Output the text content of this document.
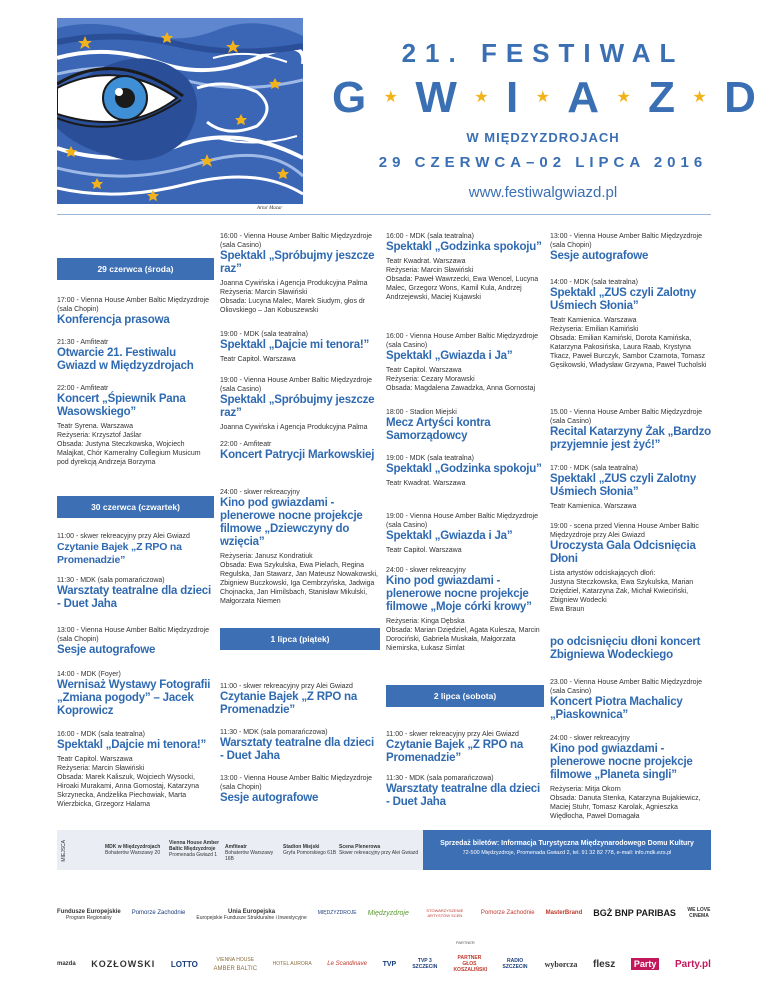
Artur Mazur
21. FESTIWAL
G ★ W ★ I ★ A ★ Z ★ D
W MIĘDZYZDROJACH
29 CZERWCA–02 LIPCA 2016
www.festiwalgwiazd.pl
29 czerwca (środa)
17:00 - Vienna House Amber Baltic Międzyzdroje (sala Chopin)
Konferencja prasowa
21:30 - Amfiteatr
Otwarcie 21. Festiwalu Gwiazd w Międzyzdrojach
22:00 - Amfiteatr
Koncert „Śpiewnik Pana Wasowskiego”
Teatr Syrena. Warszawa
Reżyseria: Krzysztof Jaślar
Obsada: Justyna Steczkowska, Wojciech Malajkat, Chór Kameralny Collegium Musicum pod dyrekcją Andrzeja Borzyma
30 czerwca (czwartek)
11:00 - skwer rekreacyjny przy Alei Gwiazd
Czytanie Bajek „Z RPO na Promenadzie”
11:30 - MDK (sala pomarańczowa)
Warsztaty teatralne dla dzieci - Duet Jaha
13:00 - Vienna House Amber Baltic Międzyzdroje (sala Chopin)
Sesje autografowe
14:00 - MDK (Foyer)
Wernisaż Wystawy Fotografii „Zmiana pogody” – Jacek Koprowicz
16:00 - MDK (sala teatralna)
Spektakl „Dajcie mi tenora!”
Teatr Capitol. Warszawa
Reżyseria: Marcin Sławiński
Obsada: Marek Kaliszuk, Wojciech Wysocki, Hiroaki Murakami, Anna Gornostaj, Katarzyna Skrzynecka, Andżelika Piechowiak, Marta Wierzbicka, Grzegorz Halama
16:00 - Vienna House Amber Baltic Międzyzdroje (sala Casino)
Spektakl „Spróbujmy jeszcze raz”
Joanna Cywińska i Agencja Produkcyjna Palma
Reżyseria: Marcin Sławiński
Obsada: Lucyna Malec, Marek Siudym, głos dr Oliovskiego – Jan Kobuszewski
19:00 - MDK (sala teatralna)
Spektakl „Dajcie mi tenora!”
Teatr Capitol. Warszawa
19:00 - Vienna House Amber Baltic Międzyzdroje (sala Casino)
Spektakl „Spróbujmy jeszcze raz”
Joanna Cywińska i Agencja Produkcyjna Palma
22:00 - Amfiteatr
Koncert Patrycji Markowskiej
24:00 - skwer rekreacyjny
Kino pod gwiazdami - plenerowe nocne projekcje filmowe „Dziewczyny do wzięcia”
Reżyseria: Janusz Kondratiuk
Obsada: Ewa Szykulska, Ewa Pielach, Regina Regulska, Jan Stawarz, Jan Mateusz Nowakowski, Zbigniew Buczkowski, Iga Cembrzyńska, Jadwiga Chojnacka, Jan Himilsbach, Stanisław Mikulski, Małgorzata Niemen
1 lipca (piątek)
11:00 - skwer rekreacyjny przy Alei Gwiazd
Czytanie Bajek „Z RPO na Promenadzie”
11:30 - MDK (sala pomarańczowa)
Warsztaty teatralne dla dzieci - Duet Jaha
13:00 - Vienna House Amber Baltic Międzyzdroje (sala Chopin)
Sesje autografowe
16:00 - MDK (sala teatralna)
Spektakl „Godzinka spokoju”
Teatr Kwadrat. Warszawa
Reżyseria: Marcin Sławiński
Obsada: Paweł Wawrzecki, Ewa Wencel, Lucyna Malec, Grzegorz Wons, Kamil Kula, Andrzej Andrzejewski, Maciej Kujawski
16:00 - Vienna House Amber Baltic Międzyzdroje (sala Casino)
Spektakl „Gwiazda i Ja”
Teatr Capitol. Warszawa
Reżyseria: Cezary Morawski
Obsada: Magdalena Zawadzka, Anna Gornostaj
18:00 - Stadion Miejski
Mecz Artyści kontra Samorządowcy
19:00 - MDK (sala teatralna)
Spektakl „Godzinka spokoju”
Teatr Kwadrat. Warszawa
19:00 - Vienna House Amber Baltic Międzyzdroje (sala Casino)
Spektakl „Gwiazda i Ja”
Teatr Capitol. Warszawa
24:00 - skwer rekreacyjny
Kino pod gwiazdami - plenerowe nocne projekcje filmowe „Moje córki krowy”
Reżyseria: Kinga Dębska
Obsada: Marian Dziędziel, Agata Kulesza, Marcin Dorociński, Gabriela Muskała, Małgorzata Niemirska, Łukasz Simlat
2 lipca (sobota)
11:00 - skwer rekreacyjny przy Alei Gwiazd
Czytanie Bajek „Z RPO na Promenadzie”
11:30 - MDK (sala pomarańczowa)
Warsztaty teatralne dla dzieci - Duet Jaha
13:00 - Vienna House Amber Baltic Międzyzdroje (sala Chopin)
Sesje autografowe
14:00 - MDK (sala teatralna)
Spektakl „ZUS czyli Zalotny Uśmiech Słonia”
Teatr Kamienica. Warszawa
Reżyseria: Emilian Kamiński
Obsada: Emilian Kamiński, Dorota Kamińska, Katarzyna Pakosińska, Laura Raab, Krystyna Tkacz, Paweł Burczyk, Sambor Czarnota, Tomasz Gęsikowski, Władysław Grzywna, Paweł Tucholski
15.00 - Vienna House Amber Baltic Międzyzdroje (sala Casino)
Recital Katarzyny Żak „Bardzo przyjemnie jest żyć!”
17:00 - MDK (sala teatralna)
Spektakl „ZUS czyli Zalotny Uśmiech Słonia”
Teatr Kamienica. Warszawa
19:00 - scena przed Vienna House Amber Baltic Międzyzdroje przy Alei Gwiazd
Uroczysta Gala Odcisnięcia Dłoni
Lista artystów odciskających dłoń:
Justyna Steczkowska, Ewa Szykulska, Marian Dziędziel, Katarzyna Żak, Michał Kwieciński, Zbigniew Wodecki
Ewa Braun
po odcisnięciu dłoni koncert Zbigniewa Wodeckiego
23.00 - Vienna House Amber Baltic Międzyzdroje (sala Casino)
Koncert Piotra Machalicy „Piaskownica”
24:00 - skwer rekreacyjny
Kino pod gwiazdami - plenerowe nocne projekcje filmowe „Planeta singli”
Reżyseria: Mitja Okorn
Obsada: Danuta Stenka, Katarzyna Bujakiewicz, Maciej Stuhr, Tomasz Karolak, Agnieszka Więdłocha, Paweł Domagała
MIEJSCA	MDK w Międzyzdrojach
Bohaterów Warszawy 20
Vienna House Amber Baltic Międzyzdroje
Promenada Gwiazd 1
Amfiteatr
Bohaterów Warszawy 16B
Stadion Miejski
Gryfa Pomorskiego 61B
Scena Plenerowa
Skwer rekreacyjny przy Alei Gwiazd
Sprzedaż biletów: Informacja Turystyczna Międzynarodowego Domu Kultury
72-500 Międzyzdroje, Promenada Gwiazd 2, tel. 91 32 82 778, e-mail: info.mdk.ezs.pl
Fundusze Europejskie
Program Regionalny
Pomorze Zachodnie	Unia Europejska
Europejskie Fundusze Strukturalne i Inwestycyjne
MIĘDZYZDROJE Międzyzdroje	STOWARZYSZENIE ARTYSTÓW SCEN	Pomorze Zachodnie MasterBrand BGŻ BNP PARIBAS WE LOVE CINEMA
PARTNER
mazda KOZŁOWSKI LOTTO	VIENNA HOUSE
AMBER BALTIC
HOTEL AURORA	Le Scandinave TVP	TVP 3 SZCZECIN
PARTNER GŁOS KOSZALIŃSKI
RADIO SZCZECIN wyborcza flesz	Party	Party.pl
